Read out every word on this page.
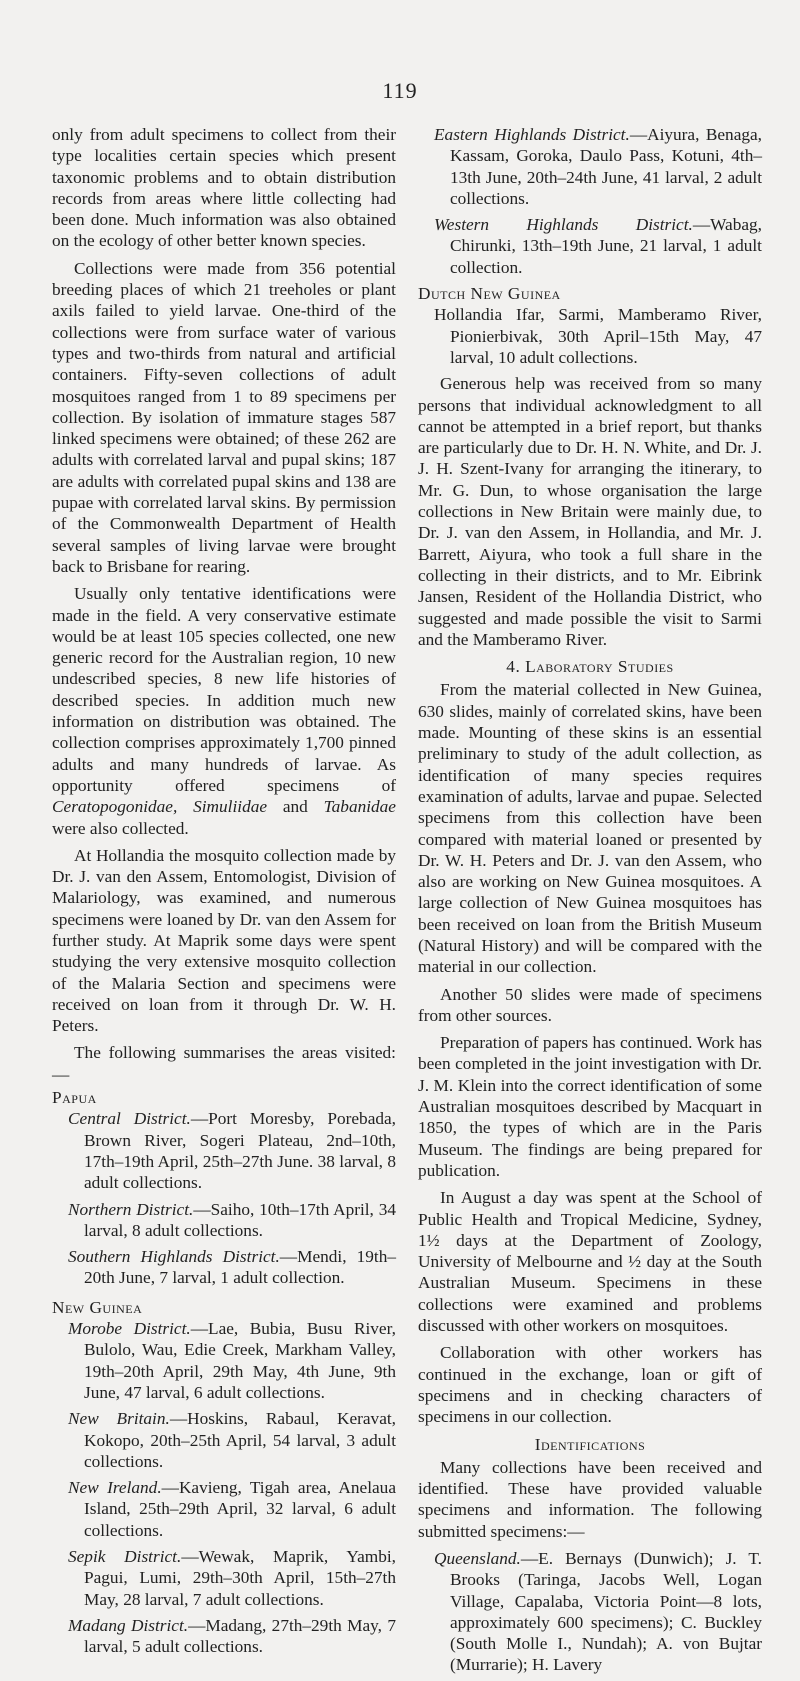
119

only from adult specimens to collect from their type localities certain species which present taxonomic problems and to obtain distribution records from areas where little collecting had been done. Much information was also obtained on the ecology of other better known species.

Collections were made from 356 potential breeding places of which 21 treeholes or plant axils failed to yield larvae. One-third of the collections were from surface water of various types and two-thirds from natural and artificial containers. Fifty-seven collections of adult mosquitoes ranged from 1 to 89 specimens per collection. By isolation of immature stages 587 linked specimens were obtained; of these 262 are adults with correlated larval and pupal skins; 187 are adults with correlated pupal skins and 138 are pupae with correlated larval skins. By permission of the Commonwealth Department of Health several samples of living larvae were brought back to Brisbane for rearing.

Usually only tentative identifications were made in the field. A very conservative estimate would be at least 105 species collected, one new generic record for the Australian region, 10 new undescribed species, 8 new life histories of described species. In addition much new information on distribution was obtained. The collection comprises approximately 1,700 pinned adults and many hundreds of larvae. As opportunity offered specimens of Ceratopogonidae, Simuliidae and Tabanidae were also collected.

At Hollandia the mosquito collection made by Dr. J. van den Assem, Entomologist, Division of Malariology, was examined, and numerous specimens were loaned by Dr. van den Assem for further study. At Maprik some days were spent studying the very extensive mosquito collection of the Malaria Section and specimens were received on loan from it through Dr. W. H. Peters.

The following summarises the areas visited:—

Papua

Central District.—Port Moresby, Porebada, Brown River, Sogeri Plateau, 2nd–10th, 17th–19th April, 25th–27th June. 38 larval, 8 adult collections.

Northern District.—Saiho, 10th–17th April, 34 larval, 8 adult collections.

Southern Highlands District.—Mendi, 19th–20th June, 7 larval, 1 adult collection.

New Guinea

Morobe District.—Lae, Bubia, Busu River, Bulolo, Wau, Edie Creek, Markham Valley, 19th–20th April, 29th May, 4th June, 9th June, 47 larval, 6 adult collections.

New Britain.—Hoskins, Rabaul, Keravat, Kokopo, 20th–25th April, 54 larval, 3 adult collections.

New Ireland.—Kavieng, Tigah area, Anelaua Island, 25th–29th April, 32 larval, 6 adult collections.

Sepik District.—Wewak, Maprik, Yambi, Pagui, Lumi, 29th–30th April, 15th–27th May, 28 larval, 7 adult collections.

Madang District.—Madang, 27th–29th May, 7 larval, 5 adult collections.

Eastern Highlands District.—Aiyura, Benaga, Kassam, Goroka, Daulo Pass, Kotuni, 4th–13th June, 20th–24th June, 41 larval, 2 adult collections.

Western Highlands District.—Wabag, Chirunki, 13th–19th June, 21 larval, 1 adult collection.

Dutch New Guinea

Hollandia Ifar, Sarmi, Mamberamo River, Pionierbivak, 30th April–15th May, 47 larval, 10 adult collections.

Generous help was received from so many persons that individual acknowledgment to all cannot be attempted in a brief report, but thanks are particularly due to Dr. H. N. White, and Dr. J. J. H. Szent-Ivany for arranging the itinerary, to Mr. G. Dun, to whose organisation the large collections in New Britain were mainly due, to Dr. J. van den Assem, in Hollandia, and Mr. J. Barrett, Aiyura, who took a full share in the collecting in their districts, and to Mr. Eibrink Jansen, Resident of the Hollandia District, who suggested and made possible the visit to Sarmi and the Mamberamo River.

4. Laboratory Studies

From the material collected in New Guinea, 630 slides, mainly of correlated skins, have been made. Mounting of these skins is an essential preliminary to study of the adult collection, as identification of many species requires examination of adults, larvae and pupae. Selected specimens from this collection have been compared with material loaned or presented by Dr. W. H. Peters and Dr. J. van den Assem, who also are working on New Guinea mosquitoes. A large collection of New Guinea mosquitoes has been received on loan from the British Museum (Natural History) and will be compared with the material in our collection.

Another 50 slides were made of specimens from other sources.

Preparation of papers has continued. Work has been completed in the joint investigation with Dr. J. M. Klein into the correct identification of some Australian mosquitoes described by Macquart in 1850, the types of which are in the Paris Museum. The findings are being prepared for publication.

In August a day was spent at the School of Public Health and Tropical Medicine, Sydney, 1½ days at the Department of Zoology, University of Melbourne and ½ day at the South Australian Museum. Specimens in these collections were examined and problems discussed with other workers on mosquitoes.

Collaboration with other workers has continued in the exchange, loan or gift of specimens and in checking characters of specimens in our collection.

Identifications

Many collections have been received and identified. These have provided valuable specimens and information. The following submitted specimens:—

Queensland.—E. Bernays (Dunwich); J. T. Brooks (Taringa, Jacobs Well, Logan Village, Capalaba, Victoria Point—8 lots, approximately 600 specimens); C. Buckley (South Molle I., Nundah); A. von Bujtar (Murrarie); H. Lavery
